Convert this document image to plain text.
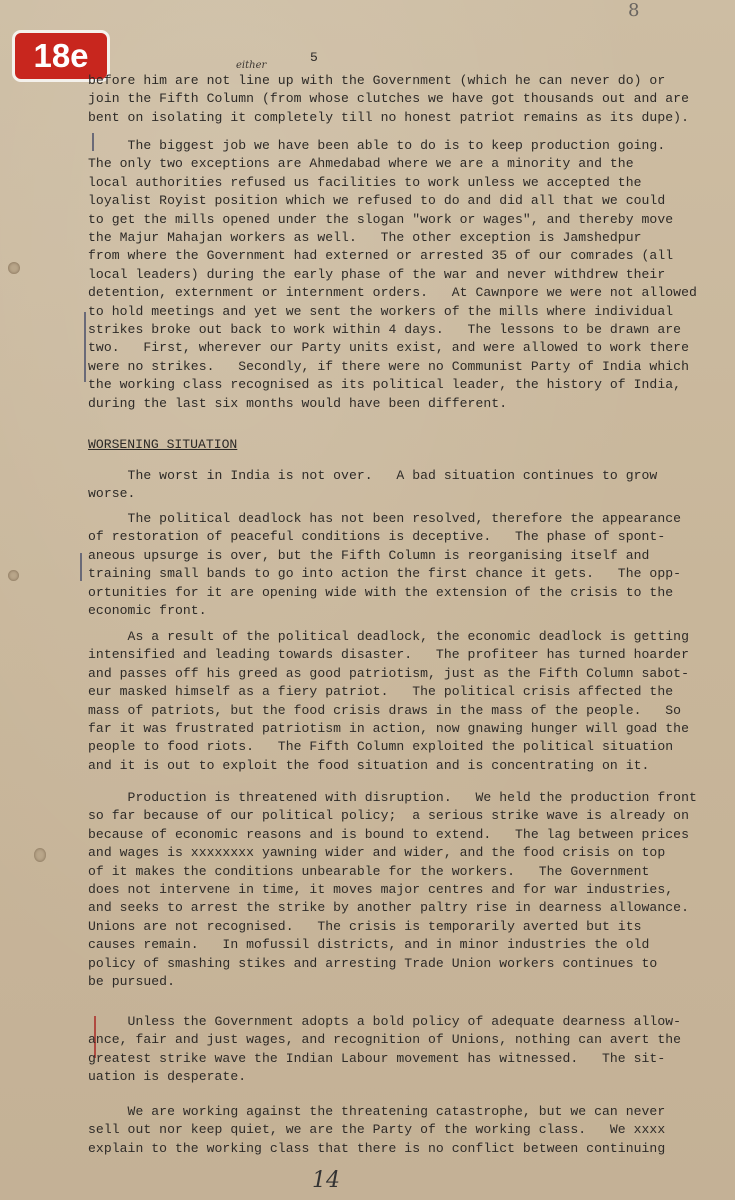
8
18e	5
either
before him are not line up with the Government (which he can never do) or
join the Fifth Column (from whose clutches we have got thousands out and are
bent on isolating it completely till no honest patriot remains as its dupe).
The biggest job we have been able to do is to keep production going.
The only two exceptions are Ahmedabad where we are a minority and the
local authorities refused us facilities to work unless we accepted the
loyalist Royist position which we refused to do and did all that we could
to get the mills opened under the slogan "work or wages", and thereby move
the Majur Mahajan workers as well.   The other exception is Jamshedpur
from where the Government had externed or arrested 35 of our comrades (all
local leaders) during the early phase of the war and never withdrew their
detention, externment or internment orders.   At Cawnpore we were not allowed
to hold meetings and yet we sent the workers of the mills where individual
strikes broke out back to work within 4 days.   The lessons to be drawn are
two.   First, wherever our Party units exist, and were allowed to work there
were no strikes.   Secondly, if there were no Communist Party of India which
the working class recognised as its political leader, the history of India,
during the last six months would have been different.
WORSENING SITUATION
The worst in India is not over.   A bad situation continues to grow
worse.
The political deadlock has not been resolved, therefore the appearance
of restoration of peaceful conditions is deceptive.   The phase of spont-
aneous upsurge is over, but the Fifth Column is reorganising itself and
training small bands to go into action the first chance it gets.   The opp-
ortunities for it are opening wide with the extension of the crisis to the
economic front.
As a result of the political deadlock, the economic deadlock is getting
intensified and leading towards disaster.   The profiteer has turned hoarder
and passes off his greed as good patriotism, just as the Fifth Column sabot-
eur masked himself as a fiery patriot.   The political crisis affected the
mass of patriots, but the food crisis draws in the mass of the people.   So
far it was frustrated patriotism in action, now gnawing hunger will goad the
people to food riots.   The Fifth Column exploited the political situation
and it is out to exploit the food situation and is concentrating on it.
Production is threatened with disruption.   We held the production front
so far because of our political policy;  a serious strike wave is already on
because of economic reasons and is bound to extend.   The lag between prices
and wages is xxxxxxxx yawning wider and wider, and the food crisis on top
of it makes the conditions unbearable for the workers.   The Government
does not intervene in time, it moves major centres and for war industries,
and seeks to arrest the strike by another paltry rise in dearness allowance.
Unions are not recognised.   The crisis is temporarily averted but its
causes remain.   In mofussil districts, and in minor industries the old
policy of smashing stikes and arresting Trade Union workers continues to
be pursued.
Unless the Government adopts a bold policy of adequate dearness allow-
ance, fair and just wages, and recognition of Unions, nothing can avert the
greatest strike wave the Indian Labour movement has witnessed.   The sit-
uation is desperate.
We are working against the threatening catastrophe, but we can never
sell out nor keep quiet, we are the Party of the working class.   We xxxx
explain to the working class that there is no conflict between continuing
14
